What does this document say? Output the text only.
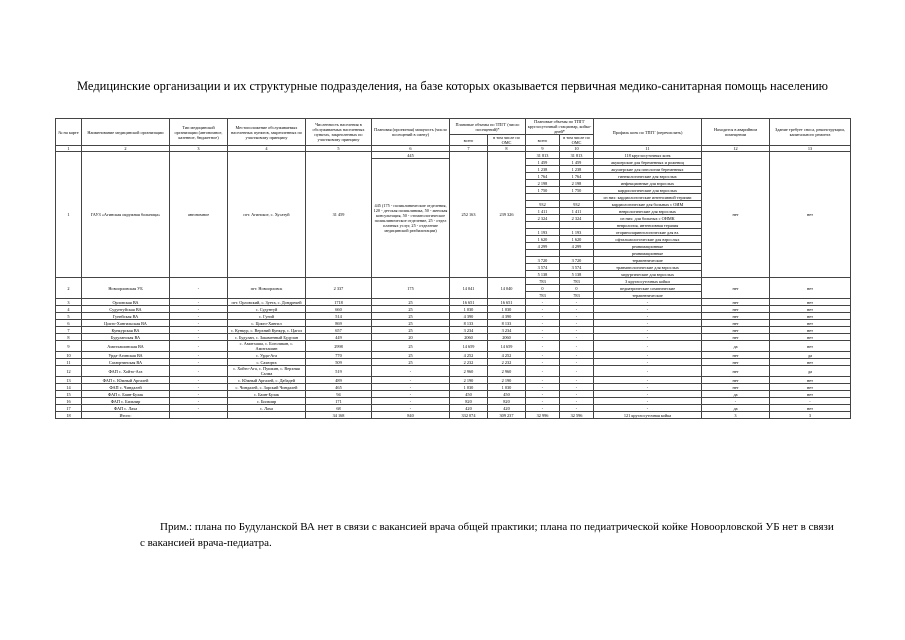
Медицинские организации и их структурные подразделения, на базе которых оказывается первичная медико-санитарная помощь населению
№ на карте	Наименование медицинской организации	Тип медицинской организации (автономное, казенное, бюджетное)	Местоположение обслуживаемых населенных пунктов, закрепленных по участковому принципу	Численность населения в обслуживаемых населенных пунктах, закрепленных по участковому принципу	Плановая (проектная) мощность (число посещений в смену)	Плановые объемы по ТПГГ (число посещений)*		Плановые объемы по ТПГГ круглосуточный стационар, койко-дней*		Профиль коек по ТПГГ (перечислить)	Находится в аварийном помещении	Здание требует сноса, реконструкции, капитального ремонта
						всего	в том числе по ОМС	всего	в том числе по ОМС			
1	2	3	4	5	6	7	8	9	10	11	12	13
1	ГАУЗ «Агинская окружная больница»	автономное	пгт. Агинское, с. Хусатуй	31 459	445	252 163	239 326	31 813	31 813	118 круглосуточных коек	нет	нет
					445 (175 - поликлинические отделения, 120 - детская поликлиника, 50 - женская консультация, 50 - стоматологическое поликлиническое отделение, 25 - отдел платных услуг, 25 - отделение медицинской реабилитации)			1 459	1 459	акушерские для беременных и рожениц		
								1 238	1 238	акушерские для патологии беременных		
								1 764	1 764	гинекологические для взрослых		
								2 198	2 198	инфекционные для взрослых		
								1 750	1 750	кардиологические для взрослых		
										из них: кардиологические интенсивной терапии		
								932	932	кардиологические для больных с ОИМ		
								1 411	1 411	неврологические для взрослых		
								2 324	2 324	из них: для больных с ОНМК		
										неврология, интенсивная терапия		
								1 193	1 193	оториноларингологические для вз.		
								1 620	1 620	офтальмологические для взрослых		
								4 299	4 299	реанимационные		
										реанимационные		
								3 720	3 720	терапевтические		
								3 574	3 574	травматологические для взрослых		
								5 138	5 138	хирургические для взрослых		
2	Новоорловская УБ	-	пгт. Новоорловск	2 337	175	14 041	14 040	783	783	3 круглосуточных койки	нет	нет
								0	0	педиатрические соматические		
								783	783	терапевтические		
3	Орловская ВА	-	пгт. Орловский, с. Зуета, с. Дондрекей	1718	25	16 651	16 651	-	-	-	нет	нет
4	Судунтуйская ВА	-	с. Судунтуй	660	25	1 030	1 030	-	-	-	нет	нет
5	Гунейская ВА	-	с. Гунэй	514	25	4 390	4 390	-	-	-	нет	нет
6	Цокто-Хангильская ВА	-	с. Цокто-Хангил	869	25	8 133	8 133	-	-	-	нет	нет
7	Кункурская ВА	-	с. Кункур, с. Верхний Кункур, с. Цагол	657	25	3 234	3 234	-	-	-	нет	нет
8	Будуланская ВА	-	с. Будулан, с. Закаменный Будулан	449	20	2060	2060	-	-	-	нет	нет
9	Амитхашинская ВА	-	с. Амитхаша, с. Боголикан, с. Амитхашин	2998	25	14 659	14 659	-	-	-	да	нет
10	Урда-Агинская ВА	-	с. Урда-Ага	770	25	4 252	4 252	-	-	-	нет	да
11	Сахюртинская ВА	-	с. Сахюрта	509	25	2 232	2 232	-	-	-	нет	нет
12	ФАП с. Хойто-Ага	-	с. Хойто-Ага, с. Пушкин, с. Верхняя Салма	519	-	2 960	2 960	-	-	-	нет	да
13	ФАП с. Южный Аргалей	-	с. Южный Аргалей, с. Дабадей	489	-	2 190	2 190	-	-	-	нет	нет
14	ФАП с. Чиндалей	-	с. Чиндалей, с. Зарский Чиндалей	465	-	1 030	1 030	-	-	-	нет	нет
15	ФАП с. Баин-Булак	-	с. Баин-Булак	94	-	450	450	-	-	-	да	нет
16	ФАП с. Бильчир	-	с. Бильчир	171	-	820	820	-	-	-	-	-
17	ФАП с. Лаха	-	с. Лаха	68	-	420	420	-	-	-	да	нет
18	Итого:			34 168	840	332 074	309 237	32 996	32 596	121 круглосуточная койка	3	3

Прим.: плана по Будуланской ВА нет в связи с вакансией врача общей практики; плана по педиатрической койке Новоорловской УБ нет в связи с вакансией врача-педиатра.
